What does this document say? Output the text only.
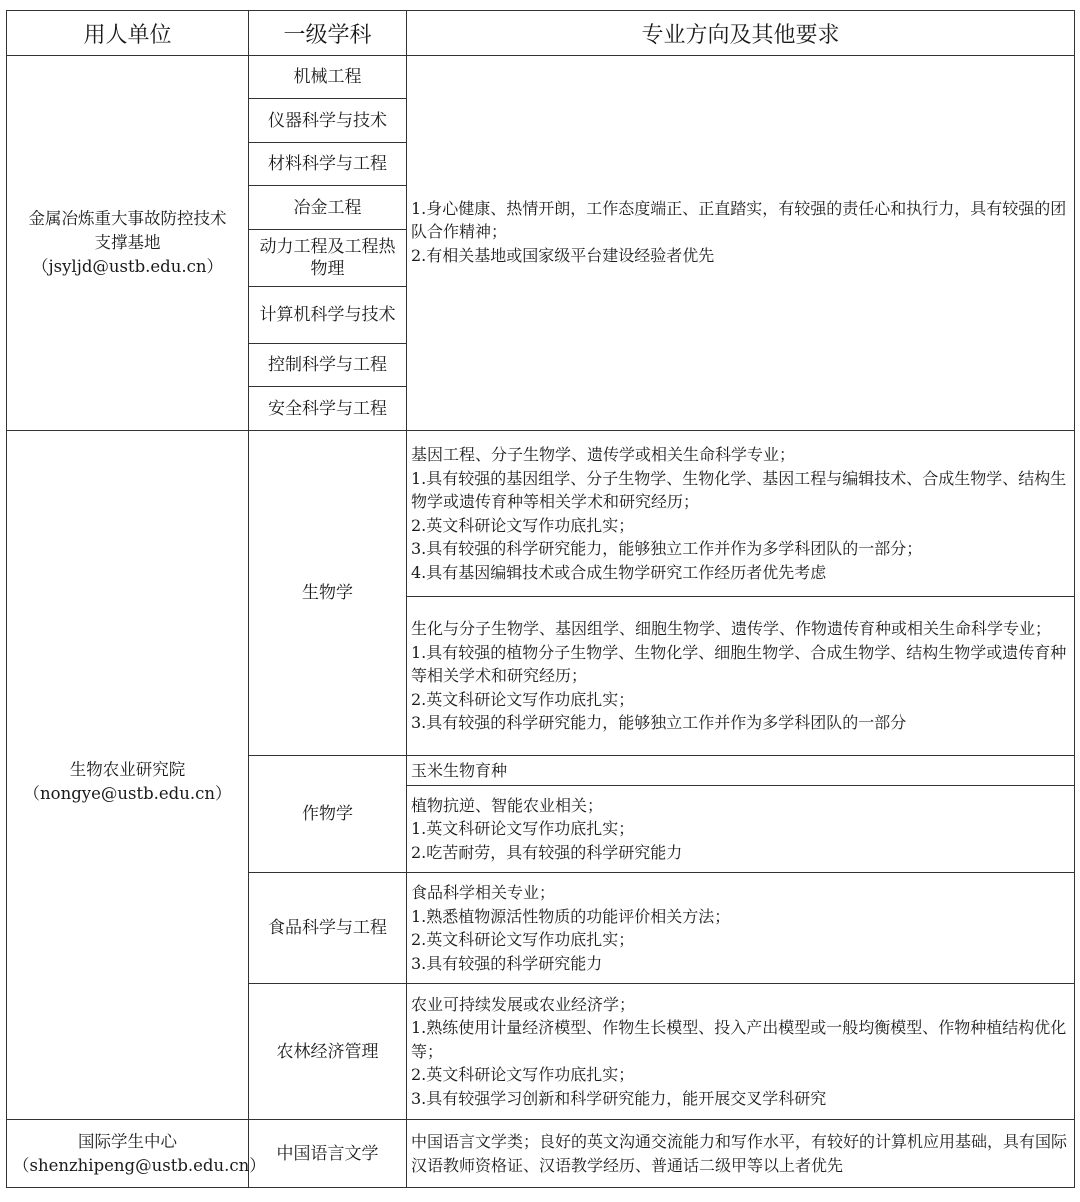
用人单位	一级学科	专业方向及其他要求

金属冶炼重大事故防控技术
支撑基地
（jsyljd@ustb.edu.cn）	机械工程	1.身心健康、热情开朗，工作态度端正、正直踏实，有较强的责任心和执行力，具有较强的团队合作精神；
2.有相关基地或国家级平台建设经验者优先

	仪器科学与技术	
	材料科学与工程	
	冶金工程	
	动力工程及工程热物理	
	计算机科学与技术	
	控制科学与工程	
	安全科学与工程	

生物农业研究院
（nongye@ustb.edu.cn）	生物学	基因工程、分子生物学、遗传学或相关生命科学专业；
1.具有较强的基因组学、分子生物学、生物化学、基因工程与编辑技术、合成生物学、结构生物学或遗传育种等相关学术和研究经历；
2.英文科研论文写作功底扎实；
3.具有较强的科学研究能力，能够独立工作并作为多学科团队的一部分；
4.具有基因编辑技术或合成生物学研究工作经历者优先考虑

		生化与分子生物学、基因组学、细胞生物学、遗传学、作物遗传育种或相关生命科学专业；
1.具有较强的植物分子生物学、生物化学、细胞生物学、合成生物学、结构生物学或遗传育种等相关学术和研究经历；
2.英文科研论文写作功底扎实；
3.具有较强的科学研究能力，能够独立工作并作为多学科团队的一部分

	作物学	玉米生物育种

		植物抗逆、智能农业相关；
1.英文科研论文写作功底扎实；
2.吃苦耐劳，具有较强的科学研究能力

	食品科学与工程	食品科学相关专业；
1.熟悉植物源活性物质的功能评价相关方法；
2.英文科研论文写作功底扎实；
3.具有较强的科学研究能力

	农林经济管理	农业可持续发展或农业经济学；
1.熟练使用计量经济模型、作物生长模型、投入产出模型或一般均衡模型、作物种植结构优化等；
2.英文科研论文写作功底扎实；
3.具有较强学习创新和科学研究能力，能开展交叉学科研究

国际学生中心
（shenzhipeng@ustb.edu.cn）	中国语言文学	中国语言文学类；良好的英文沟通交流能力和写作水平，有较好的计算机应用基础，具有国际汉语教师资格证、汉语教学经历、普通话二级甲等以上者优先
